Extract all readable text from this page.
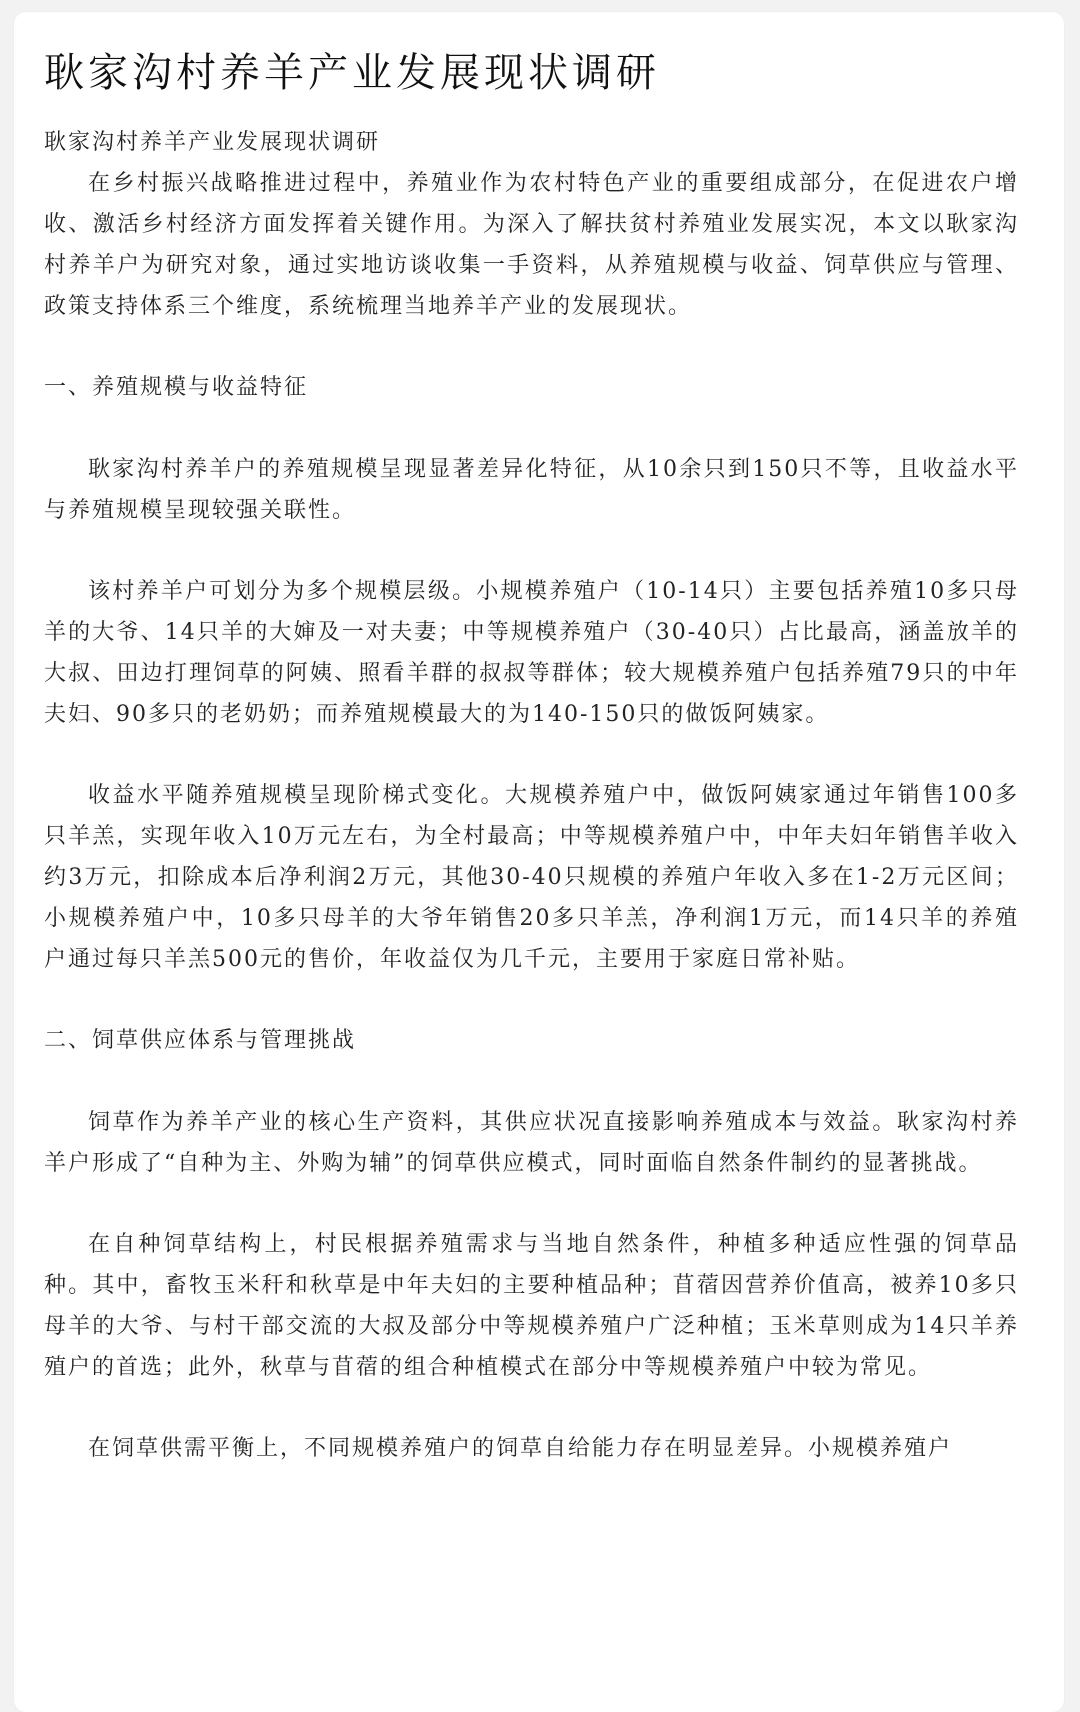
耿家沟村养羊产业发展现状调研
耿家沟村养羊产业发展现状调研

在乡村振兴战略推进过程中，养殖业作为农村特色产业的重要组成部分，在促进农户增收、激活乡村经济方面发挥着关键作用。为深入了解扶贫村养殖业发展实况，本文以耿家沟村养羊户为研究对象，通过实地访谈收集一手资料，从养殖规模与收益、饲草供应与管理、政策支持体系三个维度，系统梳理当地养羊产业的发展现状。

一、养殖规模与收益特征

耿家沟村养羊户的养殖规模呈现显著差异化特征，从10余只到150只不等，且收益水平与养殖规模呈现较强关联性。

该村养羊户可划分为多个规模层级。小规模养殖户（10-14只）主要包括养殖10多只母羊的大爷、14只羊的大婶及一对夫妻；中等规模养殖户（30-40只）占比最高，涵盖放羊的大叔、田边打理饲草的阿姨、照看羊群的叔叔等群体；较大规模养殖户包括养殖79只的中年夫妇、90多只的老奶奶；而养殖规模最大的为140-150只的做饭阿姨家。

收益水平随养殖规模呈现阶梯式变化。大规模养殖户中，做饭阿姨家通过年销售100多只羊羔，实现年收入10万元左右，为全村最高；中等规模养殖户中，中年夫妇年销售羊收入约3万元，扣除成本后净利润2万元，其他30-40只规模的养殖户年收入多在1-2万元区间；小规模养殖户中，10多只母羊的大爷年销售20多只羊羔，净利润1万元，而14只羊的养殖户通过每只羊羔500元的售价，年收益仅为几千元，主要用于家庭日常补贴。

二、饲草供应体系与管理挑战

饲草作为养羊产业的核心生产资料，其供应状况直接影响养殖成本与效益。耿家沟村养羊户形成了“自种为主、外购为辅”的饲草供应模式，同时面临自然条件制约的显著挑战。

在自种饲草结构上，村民根据养殖需求与当地自然条件，种植多种适应性强的饲草品种。其中，畜牧玉米秆和秋草是中年夫妇的主要种植品种；苜蓿因营养价值高，被养10多只母羊的大爷、与村干部交流的大叔及部分中等规模养殖户广泛种植；玉米草则成为14只羊养殖户的首选；此外，秋草与苜蓿的组合种植模式在部分中等规模养殖户中较为常见。

在饲草供需平衡上，不同规模养殖户的饲草自给能力存在明显差异。小规模养殖户
